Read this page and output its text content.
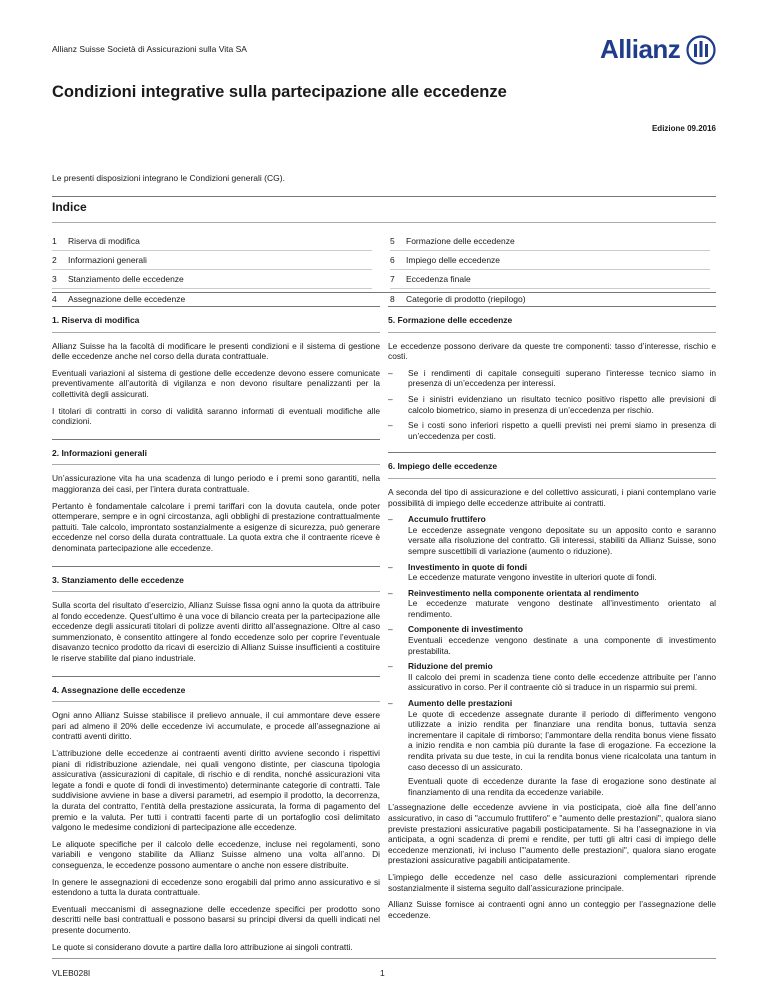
Allianz Suisse Società di Assicurazioni sulla Vita SA	Allianz
Condizioni integrative sulla partecipazione alle eccedenze
Edizione 09.2016
Le presenti disposizioni integrano le Condizioni generali (CG).
Indice
1	Riserva di modifica
2	Informazioni generali
3	Stanziamento delle eccedenze
4	Assegnazione delle eccedenze
5	Formazione delle eccedenze
6	Impiego delle eccedenze
7	Eccedenza finale
8	Categorie di prodotto (riepilogo)
1. Riserva di modifica

Allianz Suisse ha la facoltà di modificare le presenti condizioni e il sistema di gestione delle eccedenze anche nel corso della durata contrattuale.

Eventuali variazioni al sistema di gestione delle eccedenze devono essere comunicate preventivamente all’autorità di vigilanza e non devono risultare penalizzanti per la collettività degli assicurati.

I titolari di contratti in corso di validità saranno informati di eventuali modifiche alle condizioni.

2. Informazioni generali

Un’assicurazione vita ha una scadenza di lungo periodo e i premi sono garantiti, nella maggioranza dei casi, per l’intera durata contrattuale.

Pertanto è fondamentale calcolare i premi tariffari con la dovuta cautela, onde poter ottemperare, sempre e in ogni circostanza, agli obblighi di prestazione contrattualmente pattuiti. Tale calcolo, improntato sostanzialmente a esigenze di sicurezza, può generare eccedenze nel corso della durata contrattuale. La quota extra che il contraente riceve è denominata partecipazione alle eccedenze.

3. Stanziamento delle eccedenze

Sulla scorta del risultato d’esercizio, Allianz Suisse fissa ogni anno la quota da attribuire al fondo eccedenze. Quest’ultimo è una voce di bilancio creata per la partecipazione alle eccedenze degli assicurati titolari di polizze aventi diritto all’assegnazione. Oltre al caso summenzionato, è consentito attingere al fondo eccedenze solo per coprire l’eventuale disavanzo tecnico prodotto da ricavi di esercizio di Allianz Suisse insufficienti a costituire le riserve stabilite dal piano industriale.

4. Assegnazione delle eccedenze

Ogni anno Allianz Suisse stabilisce il prelievo annuale, il cui ammontare deve essere pari ad almeno il 20% delle eccedenze ivi accumulate, e procede all’assegnazione ai contratti aventi diritto.

L’attribuzione delle eccedenze ai contraenti aventi diritto avviene secondo i rispettivi piani di ridistribuzione aziendale, nei quali vengono distinte, per ciascuna tipologia assicurativa (assicurazioni di capitale, di rischio e di rendita, nonché assicurazioni vita legate a fondi e quote di fondi di investimento) determinante categorie di contratti. Tale suddivisione avviene in base a diversi parametri, ad esempio il prodotto, la decorrenza, la durata del contratto, l’entità della prestazione assicurata, la forma di pagamento del premio e la valuta. Per tutti i contratti facenti parte di un portafoglio così delimitato valgono le medesime condizioni di partecipazione alle eccedenze.

Le aliquote specifiche per il calcolo delle eccedenze, incluse nei regolamenti, sono variabili e vengono stabilite da Allianz Suisse almeno una volta all’anno. Di conseguenza, le eccedenze possono aumentare o anche non essere distribuite.

In genere le assegnazioni di eccedenze sono erogabili dal primo anno assicurativo e si estendono a tutta la durata contrattuale.

Eventuali meccanismi di assegnazione delle eccedenze specifici per prodotto sono descritti nelle basi contrattuali e possono basarsi su principi diversi da quelli indicati nel presente documento.

Le quote si considerano dovute a partire dalla loro attribuzione ai singoli contratti.

5. Formazione delle eccedenze

Le eccedenze possono derivare da queste tre componenti: tasso d’interesse, rischio e costi.

–	Se i rendimenti di capitale conseguiti superano l’interesse tecnico siamo in presenza di un’eccedenza per interessi.
–	Se i sinistri evidenziano un risultato tecnico positivo rispetto alle previsioni di calcolo biometrico, siamo in presenza di un’eccedenza per rischio.
–	Se i costi sono inferiori rispetto a quelli previsti nei premi siamo in presenza di un’eccedenza per costi.
6. Impiego delle eccedenze

A seconda del tipo di assicurazione e del collettivo assicurati, i piani contemplano varie possibilità di impiego delle eccedenze attribuite ai contratti.

–	Accumulo fruttifero
Le eccedenze assegnate vengono depositate su un apposito conto e saranno versate alla risoluzione del contratto. Gli interessi, stabiliti da Allianz Suisse, sono sempre suscettibili di variazione (aumento o riduzione).
–	Investimento in quote di fondi
Le eccedenze maturate vengono investite in ulteriori quote di fondi.
–	Reinvestimento nella componente orientata al rendimento
Le eccedenze maturate vengono destinate all’investimento orientato al rendimento.
–	Componente di investimento
Eventuali eccedenze vengono destinate a una componente di investimento prestabilita.
–	Riduzione del premio
Il calcolo dei premi in scadenza tiene conto delle eccedenze attribuite per l’anno assicurativo in corso. Per il contraente ciò si traduce in un risparmio sui premi.
–	Aumento delle prestazioni
Le quote di eccedenze assegnate durante il periodo di differimento vengono utilizzate a inizio rendita per finanziare una rendita bonus, tuttavia senza incrementare il capitale di rimborso; l’ammontare della rendita bonus viene fissato a inizio rendita e non cambia più durante la fase di erogazione. Fa eccezione la rendita privata su due teste, in cui la rendita bonus viene ricalcolata una tantum in caso decesso di un assicurato.
Eventuali quote di eccedenze durante la fase di erogazione sono destinate al finanziamento di una rendita da eccedenze variabile.

L’assegnazione delle eccedenze avviene in via posticipata, cioè alla fine dell’anno assicurativo, in caso di "accumulo fruttifero" e "aumento delle prestazioni", qualora siano previste prestazioni assicurative pagabili posticipatamente. Si ha l’assegnazione in via anticipata, a ogni scadenza di premi e rendite, per tutti gli altri casi di impiego delle eccedenze menzionati, ivi incluso l’"aumento delle prestazioni", qualora siano erogate prestazioni assicurative pagabili anticipatamente.

L’impiego delle eccedenze nel caso delle assicurazioni complementari riprende sostanzialmente il sistema seguito dall’assicurazione principale.

Allianz Suisse fornisce ai contraenti ogni anno un conteggio per l’assegnazione delle eccedenze.

VLEB028I	1
